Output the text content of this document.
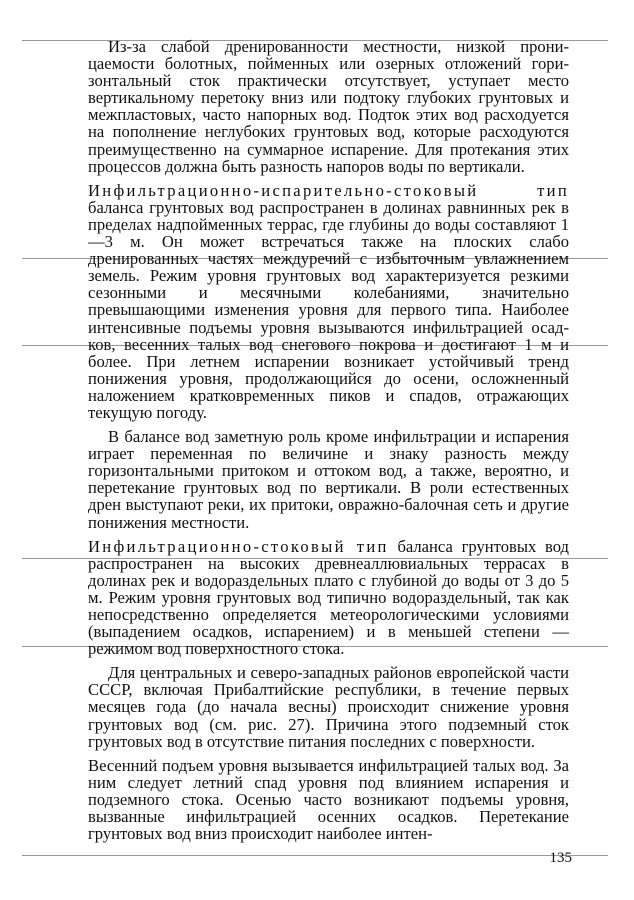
Из-за слабой дренированности местности, низкой проницаемости болотных, пойменных или озерных отложений горизонтальный сток практически отсутствует, уступает место вертикальному перетоку вниз или подтоку глубоких грунтовых и межпластовых, часто напорных вод. Подток этих вод расходуется на пополнение неглубоких грунтовых вод, которые расходуются преимущественно на суммарное испарение. Для протекания этих процессов должна быть разность напоров воды по вертикали.

Инфильтрационно-испарительно-стоковый тип баланса грунтовых вод распространен в долинах равнинных рек в пределах надпойменных террас, где глубины до воды составляют 1—3 м. Он может встречаться также на плоских слабо дренированных частях междуречий с избыточным увлажнением земель. Режим уровня грунтовых вод характеризуется резкими сезонными и месячными колебаниями, значительно превышающими изменения уровня для первого типа. Наиболее интенсивные подъемы уровня вызываются инфильтрацией осадков, весенних талых вод снегового покрова и достигают 1 м и более. При летнем испарении возникает устойчивый тренд понижения уровня, продолжающийся до осени, осложненный наложением кратковременных пиков и спадов, отражающих текущую погоду.

В балансе вод заметную роль кроме инфильтрации и испарения играет переменная по величине и знаку разность между горизонтальными притоком и оттоком вод, а также, вероятно, и перетекание грунтовых вод по вертикали. В роли естественных дрен выступают реки, их притоки, овражно-балочная сеть и другие понижения местности.

Инфильтрационно-стоковый тип баланса грунтовых вод распространен на высоких древнеаллювиальных террасах в долинах рек и водораздельных плато с глубиной до воды от 3 до 5 м. Режим уровня грунтовых вод типично водораздельный, так как непосредственно определяется метеорологическими условиями (выпадением осадков, испарением) и в меньшей степени — режимом вод поверхностного стока.

Для центральных и северо-западных районов европейской части СССР, включая Прибалтийские республики, в течение первых месяцев года (до начала весны) происходит снижение уровня грунтовых вод (см. рис. 27). Причина этого подземный сток грунтовых вод в отсутствие питания последних с поверхности.

Весенний подъем уровня вызывается инфильтрацией талых вод. За ним следует летний спад уровня под влиянием испарения и подземного стока. Осенью часто возникают подъемы уровня, вызванные инфильтрацией осенних осадков. Перетекание грунтовых вод вниз происходит наиболее интен-

135
